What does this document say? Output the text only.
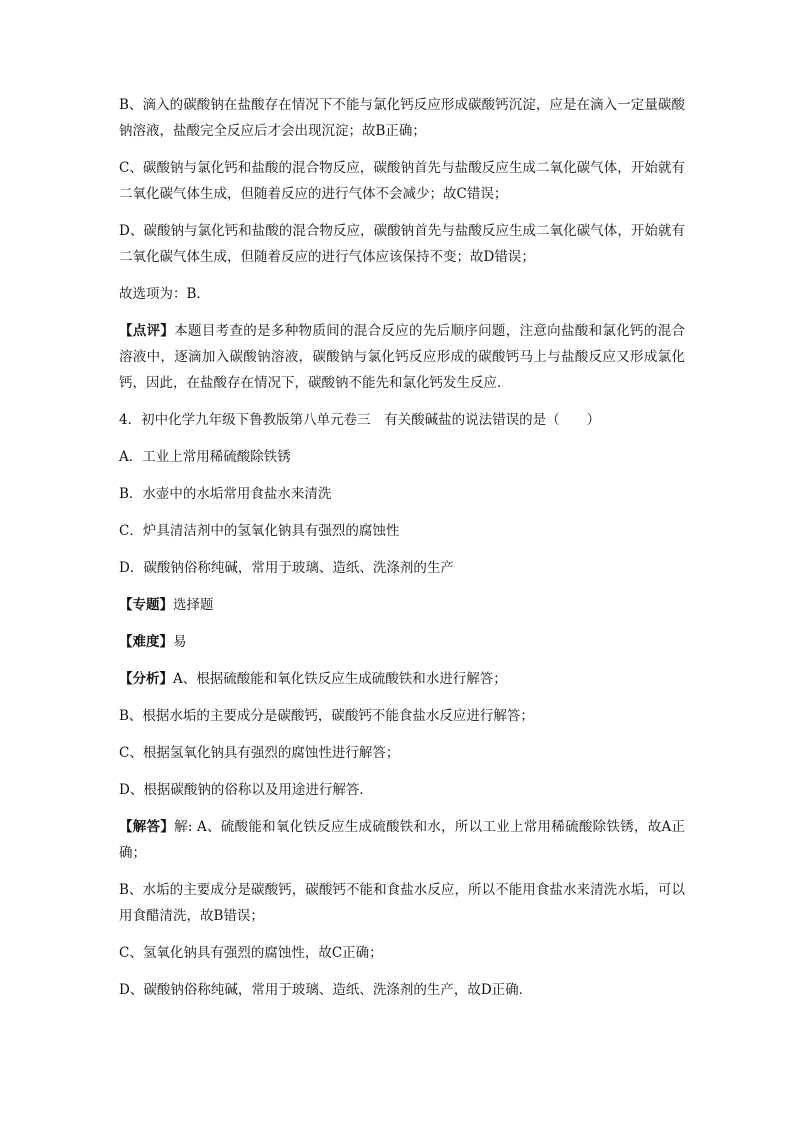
B、滴入的碳酸钠在盐酸存在情况下不能与氯化钙反应形成碳酸钙沉淀，应是在滴入一定量碳酸钠溶液，盐酸完全反应后才会出现沉淀；故B正确；

C、碳酸钠与氯化钙和盐酸的混合物反应，碳酸钠首先与盐酸反应生成二氧化碳气体，开始就有二氧化碳气体生成，但随着反应的进行气体不会减少；故C错误；

D、碳酸钠与氯化钙和盐酸的混合物反应，碳酸钠首先与盐酸反应生成二氧化碳气体，开始就有二氧化碳气体生成，但随着反应的进行气体应该保持不变；故D错误；

故选项为：B．

【点评】本题目考查的是多种物质间的混合反应的先后顺序问题，注意向盐酸和氯化钙的混合溶液中，逐滴加入碳酸钠溶液，碳酸钠与氯化钙反应形成的碳酸钙马上与盐酸反应又形成氯化钙，因此，在盐酸存在情况下，碳酸钠不能先和氯化钙发生反应．

4．初中化学九年级下鲁教版第八单元卷三　有关酸碱盐的说法错误的是（　　）

A．工业上常用稀硫酸除铁锈

B．水壶中的水垢常用食盐水来清洗

C．炉具清洁剂中的氢氧化钠具有强烈的腐蚀性

D．碳酸钠俗称纯碱，常用于玻璃、造纸、洗涤剂的生产

【专题】选择题

【难度】易

【分析】A、根据硫酸能和氧化铁反应生成硫酸铁和水进行解答；

B、根据水垢的主要成分是碳酸钙，碳酸钙不能食盐水反应进行解答；

C、根据氢氧化钠具有强烈的腐蚀性进行解答；

D、根据碳酸钠的俗称以及用途进行解答．

【解答】解: A、硫酸能和氧化铁反应生成硫酸铁和水，所以工业上常用稀硫酸除铁锈，故A正确；

B、水垢的主要成分是碳酸钙，碳酸钙不能和食盐水反应，所以不能用食盐水来清洗水垢，可以用食醋清洗，故B错误；

C、氢氧化钠具有强烈的腐蚀性，故C正确；

D、碳酸钠俗称纯碱，常用于玻璃、造纸、洗涤剂的生产，故D正确．
